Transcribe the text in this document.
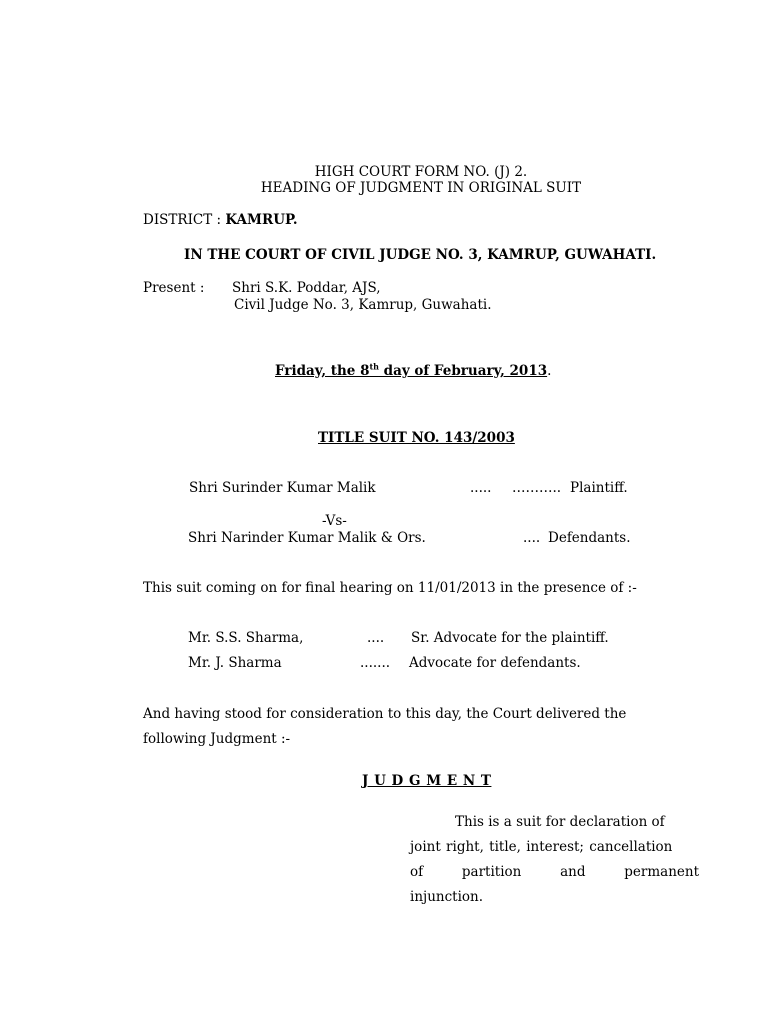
HIGH COURT FORM NO. (J) 2.
HEADING OF JUDGMENT IN ORIGINAL SUIT
DISTRICT : KAMRUP.
IN THE COURT OF CIVIL JUDGE NO. 3, KAMRUP, GUWAHATI.
Present : Shri S.K. Poddar, AJS,
Civil Judge No. 3, Kamrup, Guwahati.
Friday, the 8th day of February, 2013.
TITLE SUIT NO. 143/2003
Shri Surinder Kumar Malik	..... ……….. Plaintiff.
-Vs-
Shri Narinder Kumar Malik & Ors.	.... Defendants.
This suit coming on for final hearing on 11/01/2013 in the presence of :-
Mr. S.S. Sharma,	.... Sr. Advocate for the plaintiff.
Mr. J. Sharma	....... Advocate for defendants.
And having stood for consideration to this day, the Court delivered the
following Judgment :-
J U D G M E N T
This is a suit for declaration of
joint right, title, interest; cancellation
of partition and permanent
injunction.
